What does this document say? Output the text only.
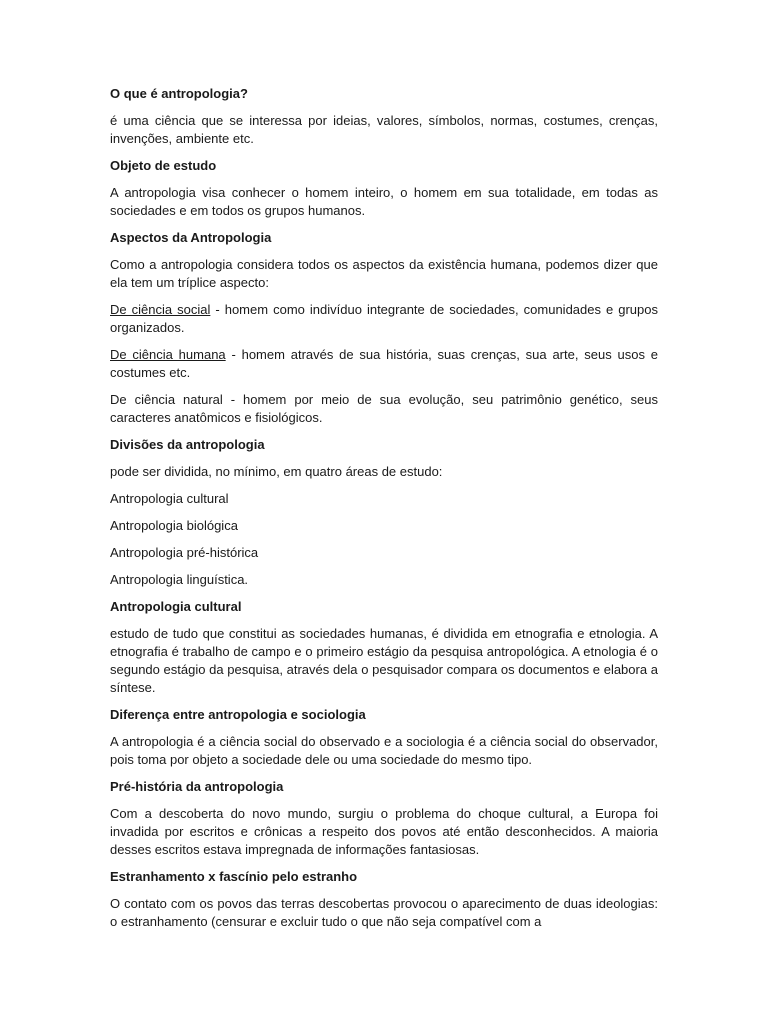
O que é antropologia?

é uma ciência que se interessa por ideias, valores, símbolos, normas, costumes, crenças, invenções, ambiente etc.

Objeto de estudo

A antropologia visa conhecer o homem inteiro, o homem em sua totalidade, em todas as sociedades e em todos os grupos humanos.

Aspectos da Antropologia

Como a antropologia considera todos os aspectos da existência humana, podemos dizer que ela tem um tríplice aspecto:

De ciência social - homem como indivíduo integrante de sociedades, comunidades e grupos organizados.

De ciência humana - homem através de sua história, suas crenças, sua arte, seus usos e costumes etc.

De ciência natural - homem por meio de sua evolução, seu patrimônio genético, seus caracteres anatômicos e fisiológicos.

Divisões da antropologia

pode ser dividida, no mínimo, em quatro áreas de estudo:

Antropologia cultural

Antropologia biológica

Antropologia pré-histórica

Antropologia linguística.

Antropologia cultural

estudo de tudo que constitui as sociedades humanas, é dividida em etnografia e etnologia. A etnografia é trabalho de campo e o primeiro estágio da pesquisa antropológica. A etnologia é o segundo estágio da pesquisa, através dela o pesquisador compara os documentos e elabora a síntese.

Diferença entre antropologia e sociologia

A antropologia é a ciência social do observado e a sociologia é a ciência social do observador, pois toma por objeto a sociedade dele ou uma sociedade do mesmo tipo.

Pré-história da antropologia

Com a descoberta do novo mundo, surgiu o problema do choque cultural, a Europa foi invadida por escritos e crônicas a respeito dos povos até então desconhecidos. A maioria desses escritos estava impregnada de informações fantasiosas.

Estranhamento x fascínio pelo estranho

O contato com os povos das terras descobertas provocou o aparecimento de duas ideologias: o estranhamento (censurar e excluir tudo o que não seja compatível com a
